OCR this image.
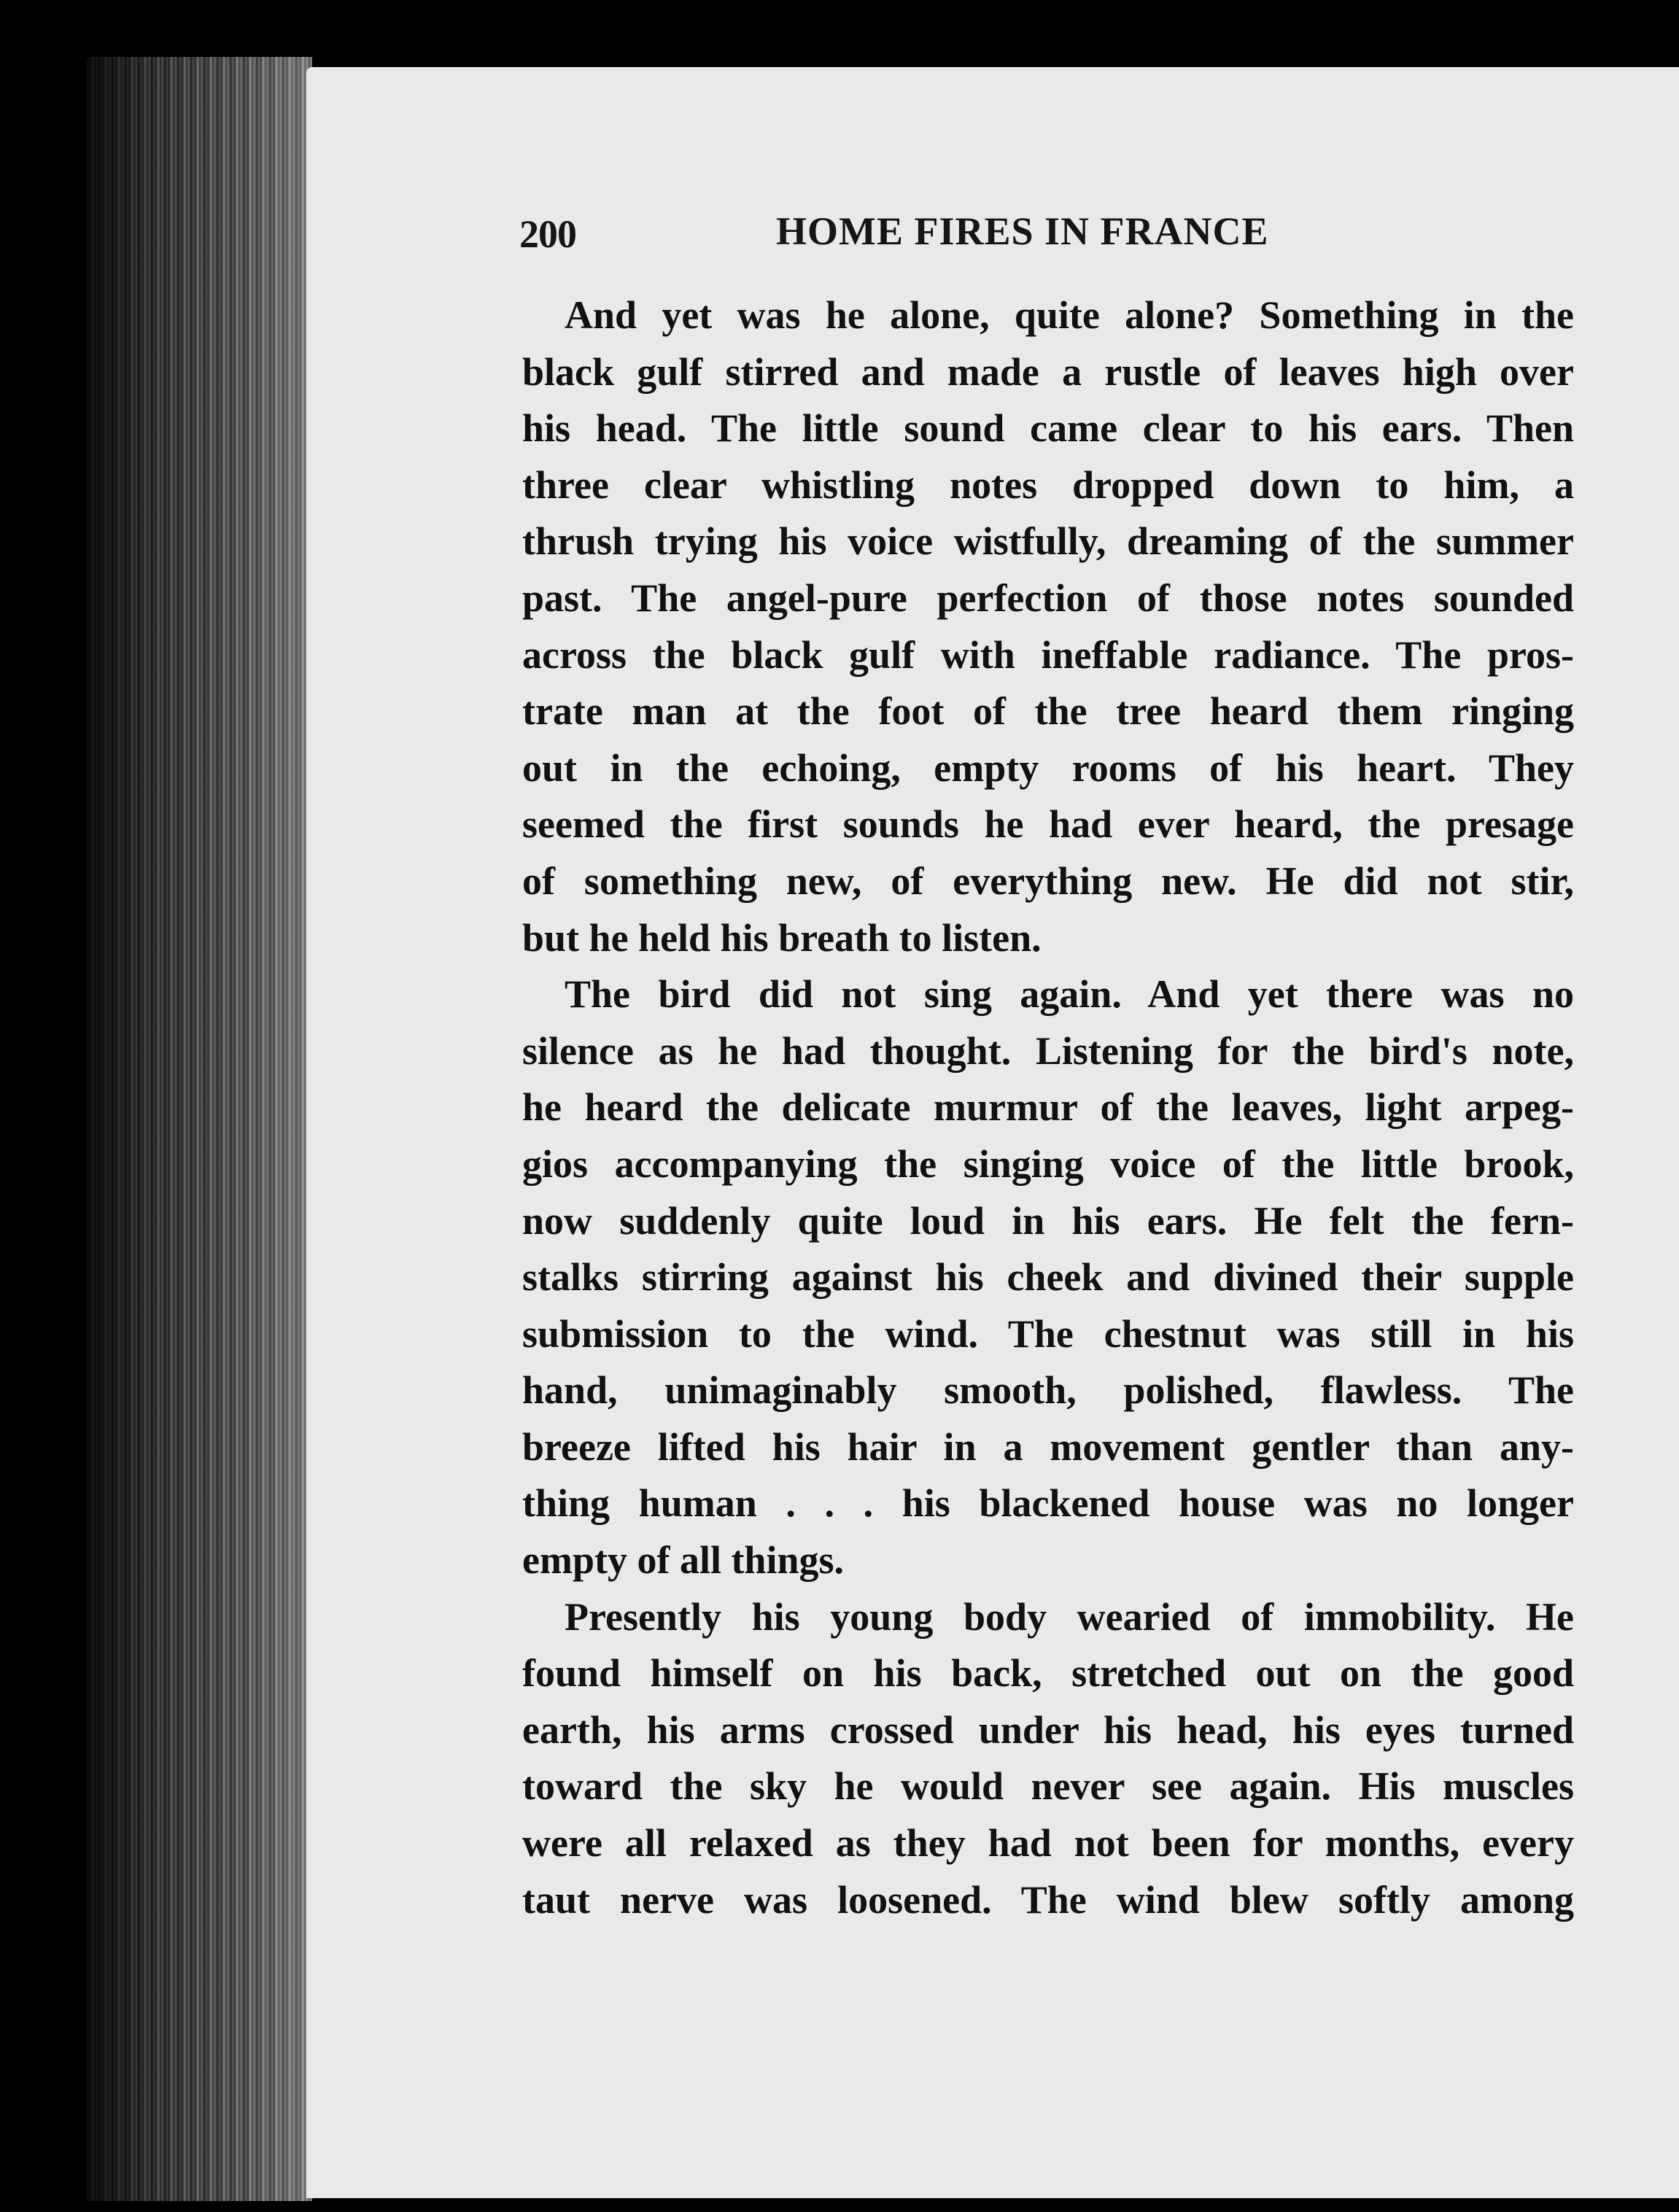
200	HOME FIRES IN FRANCE

And yet was he alone, quite alone? Something in the
black gulf stirred and made a rustle of leaves high over
his head. The little sound came clear to his ears. Then
three clear whistling notes dropped down to him, a
thrush trying his voice wistfully, dreaming of the summer
past. The angel-pure perfection of those notes sounded
across the black gulf with ineffable radiance. The pros-
trate man at the foot of the tree heard them ringing
out in the echoing, empty rooms of his heart. They
seemed the first sounds he had ever heard, the presage
of something new, of everything new. He did not stir,
but he held his breath to listen.

The bird did not sing again. And yet there was no
silence as he had thought. Listening for the bird's note,
he heard the delicate murmur of the leaves, light arpeg-
gios accompanying the singing voice of the little brook,
now suddenly quite loud in his ears. He felt the fern-
stalks stirring against his cheek and divined their supple
submission to the wind. The chestnut was still in his
hand, unimaginably smooth, polished, flawless. The
breeze lifted his hair in a movement gentler than any-
thing human . . . his blackened house was no longer
empty of all things.

Presently his young body wearied of immobility. He
found himself on his back, stretched out on the good
earth, his arms crossed under his head, his eyes turned
toward the sky he would never see again. His muscles
were all relaxed as they had not been for months, every
taut nerve was loosened. The wind blew softly among
